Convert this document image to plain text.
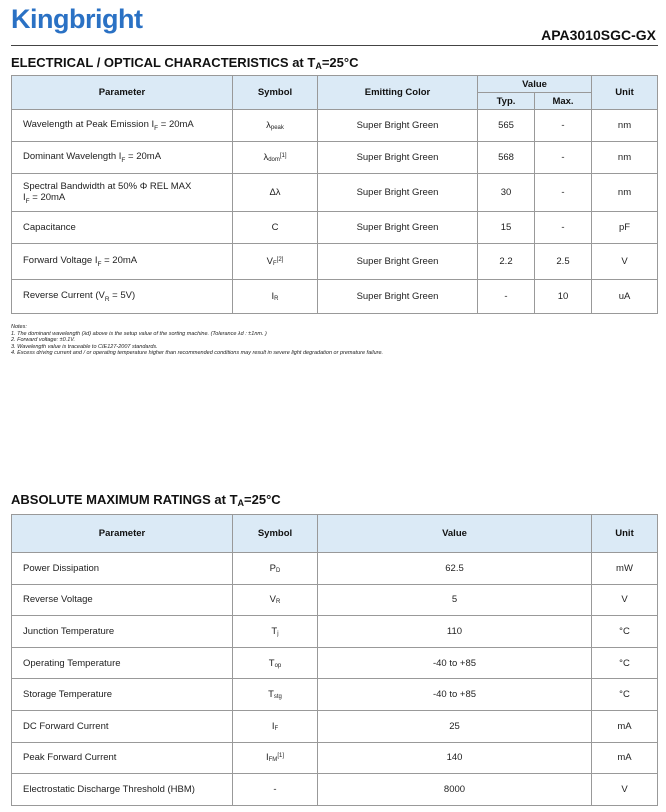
Kingbright
APA3010SGC-GX
ELECTRICAL / OPTICAL CHARACTERISTICS at $T_A=25^\circ C$
Parameter	Symbol	Emitting Color	Value		Unit
			Typ.	Max.	
Wavelength at Peak Emission $I_F = 20mA$	$\lambda_{peak}$	Super Bright Green	565	-	nm
Dominant Wavelength $I_F = 20mA$	$\lambda_{dom}[1]$	Super Bright Green	568	-	nm
Spectral Bandwidth at 50% Φ REL MAX
$I_F = 20mA$	Δλ	Super Bright Green	30	-	nm
Capacitance	C	Super Bright Green	15	-	pF
Forward Voltage $I_F = 20mA$	$V_F[2]$	Super Bright Green	2.2	2.5	V
Reverse Current $(V_R = 5V)$	$I_R$	Super Bright Green	-	10	uA
Notes:
1. The dominant wavelength (λd) above is the setup value of the sorting machine. (Tolerance λd : ±1nm. )
2. Forward voltage: ±0.1V.
3. Wavelength value is traceable to CIE127-2007 standards.
4. Excess driving current and / or operating temperature higher than recommended conditions may result in severe light degradation or premature failure.
ABSOLUTE MAXIMUM RATINGS at $T_A=25^\circ C$
Parameter	Symbol	Value	Unit
Power Dissipation	$P_D$	62.5	mW
Reverse Voltage	$V_R$	5	V
Junction Temperature	$T_j$	110	°C
Operating Temperature	$T_{op}$	-40 to +85	°C
Storage Temperature	$T_{stg}$	-40 to +85	°C
DC Forward Current	$I_F$	25	mA
Peak Forward Current	$I_{FM}[1]$	140	mA
Electrostatic Discharge Threshold (HBM)	-	8000	V
